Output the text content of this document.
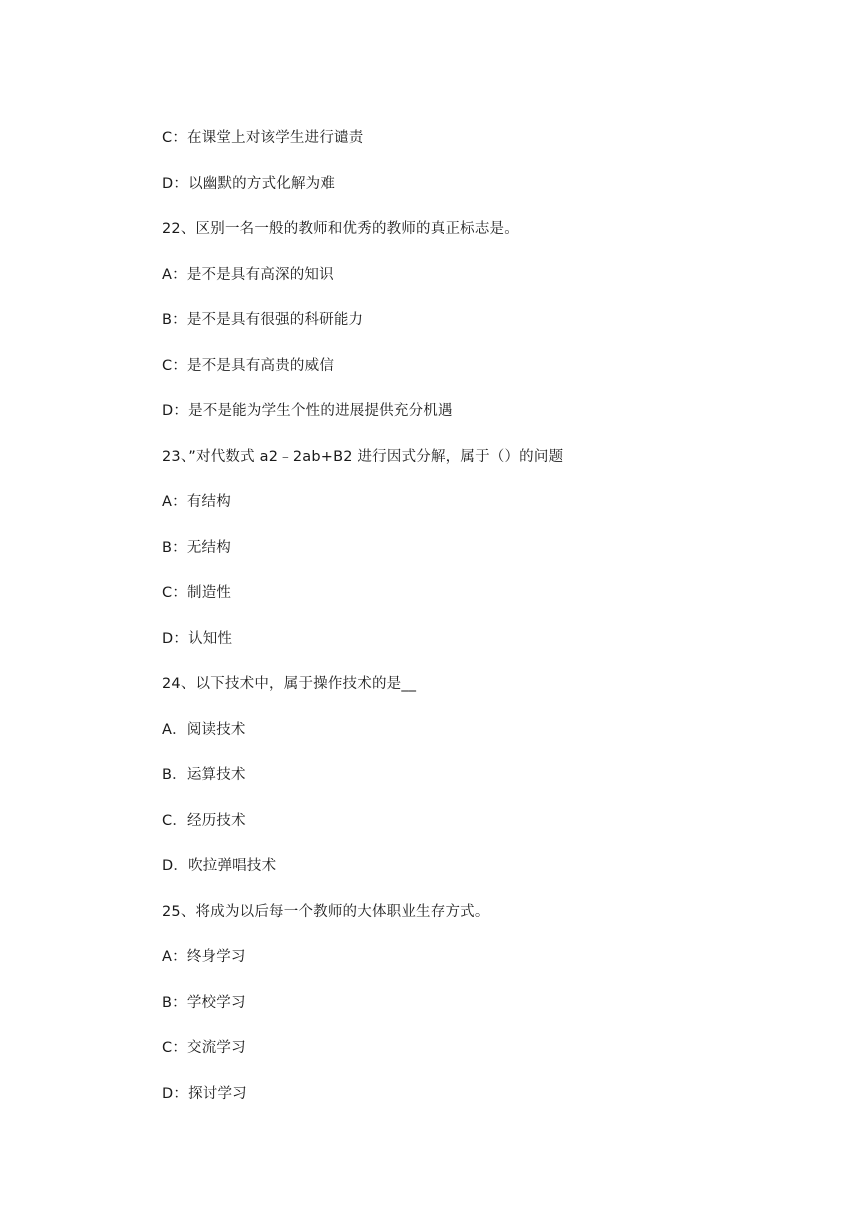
C：在课堂上对该学生进行谴责
D：以幽默的方式化解为难
22、区别一名一般的教师和优秀的教师的真正标志是。
A：是不是具有高深的知识
B：是不是具有很强的科研能力
C：是不是具有高贵的威信
D：是不是能为学生个性的进展提供充分机遇
23、”对代数式 a2﹣2ab+B2 进行因式分解，属于（）的问题
A：有结构
B：无结构
C：制造性
D：认知性
24、以下技术中，属于操作技术的是__
A．阅读技术
B．运算技术
C．经历技术
D．吹拉弹唱技术
25、将成为以后每一个教师的大体职业生存方式。
A：终身学习
B：学校学习
C：交流学习
D：探讨学习
